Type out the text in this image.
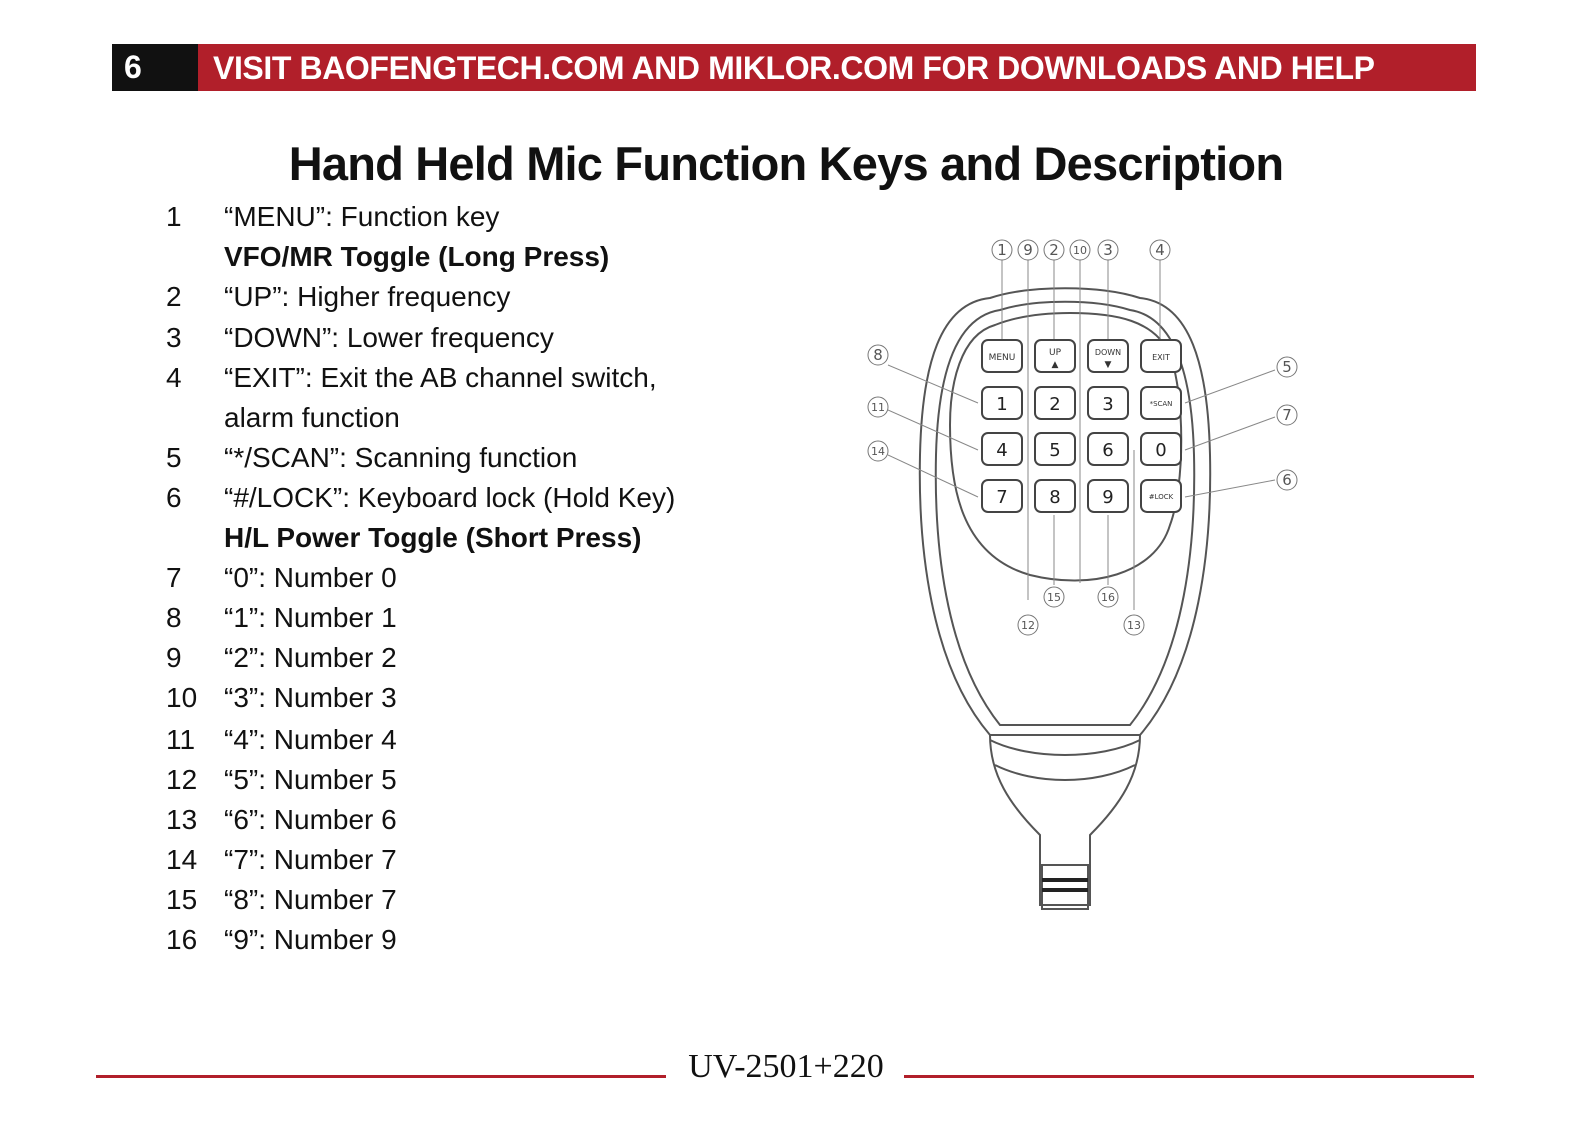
6	VISIT BAOFENGTECH.COM AND MIKLOR.COM FOR DOWNLOADS AND HELP
Hand Held Mic Function Keys and Description
1 “MENU”: Function key
VFO/MR Toggle (Long Press)
2 “UP”: Higher frequency
3 “DOWN”: Lower frequency
4 “EXIT”: Exit the AB channel switch,
alarm function
5 “*/SCAN”: Scanning function
6 “#/LOCK”: Keyboard lock (Hold Key)
H/L Power Toggle (Short Press)
7 “0”: Number 0
8 “1”: Number 1
9 “2”: Number 2
10 “3”: Number 3
11 “4”: Number 4
12 “5”: Number 5
13 “6”: Number 6
14 “7”: Number 7
15 “8”: Number 7
16 “9”: Number 9
1 9 2 10 3	4
8
11
14
5
7
6
15	16
12	13
MENU	UP
▲
DOWN
▼
EXIT
1 2 3	*SCAN
4 5 6 0
7 8 9	#LOCK
UV-2501+220
